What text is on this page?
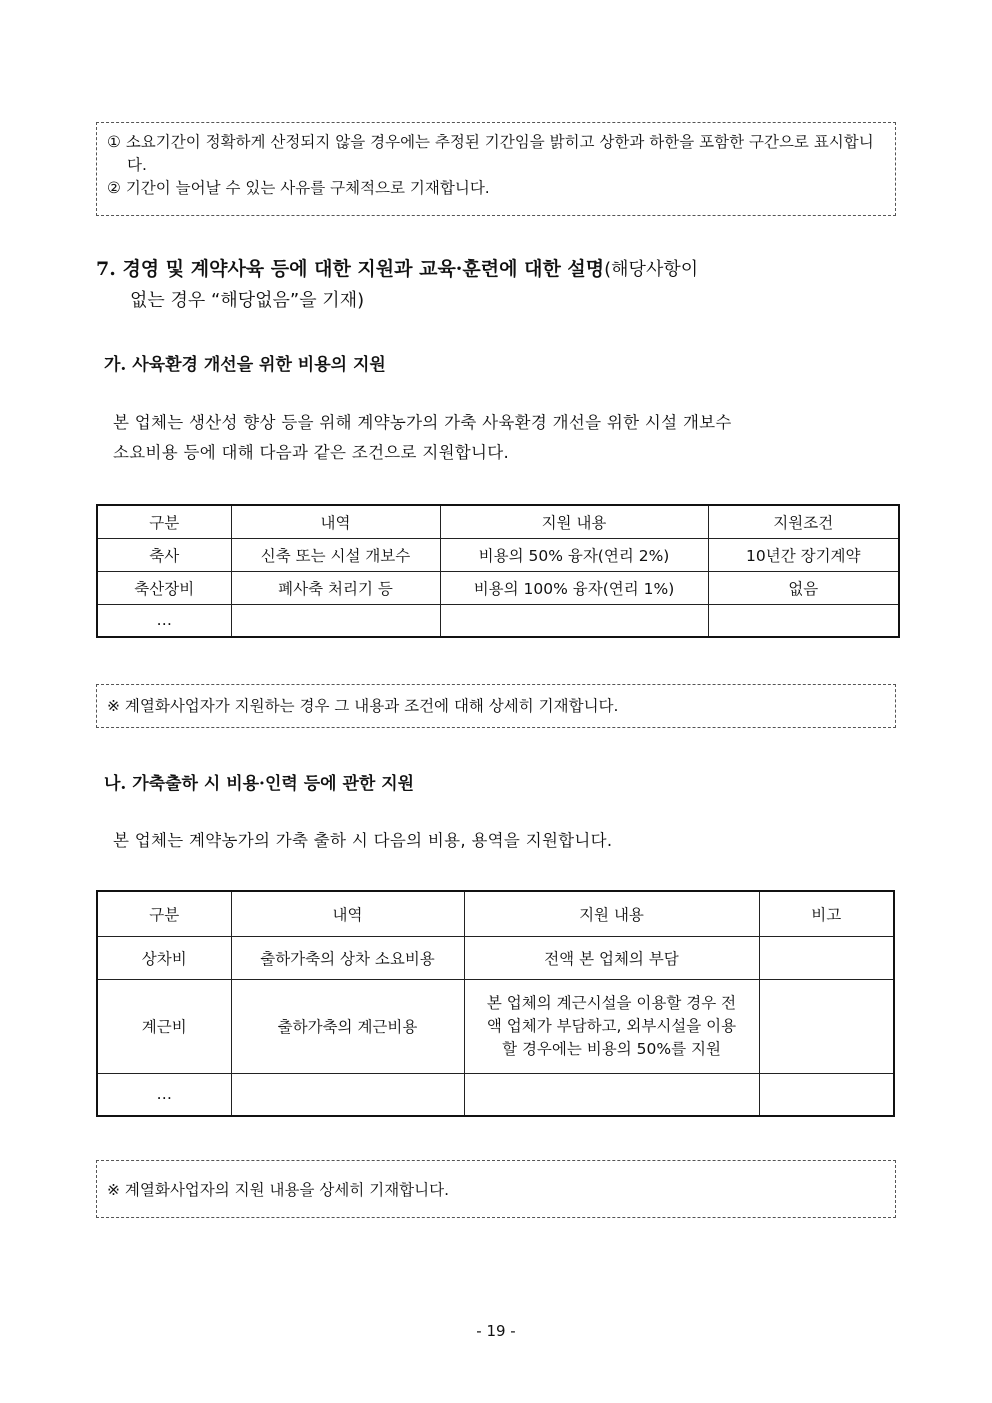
① 소요기간이 정확하게 산정되지 않을 경우에는 추정된 기간임을 밝히고 상한과 하한을 포함한 구간으로 표시합니다.

② 기간이 늘어날 수 있는 사유를 구체적으로 기재합니다.

7. 경영 및 계약사육 등에 대한 지원과 교육·훈련에 대한 설명(해당사항이
없는 경우 “해당없음”을 기재)
가. 사육환경 개선을 위한 비용의 지원
본 업체는 생산성 향상 등을 위해 계약농가의 가축 사육환경 개선을 위한 시설 개보수
소요비용 등에 대해 다음과 같은 조건으로 지원합니다.
구분	내역	지원 내용	지원조건
축사	신축 또는 시설 개보수	비용의 50% 융자(연리 2%)	10년간 장기계약
축산장비	폐사축 처리기 등	비용의 100% 융자(연리 1%)	없음
…			

※ 계열화사업자가 지원하는 경우 그 내용과 조건에 대해 상세히 기재합니다.

나. 가축출하 시 비용·인력 등에 관한 지원
본 업체는 계약농가의 가축 출하 시 다음의 비용, 용역을 지원합니다.
구분	내역	지원 내용	비고
상차비	출하가축의 상차 소요비용	전액 본 업체의 부담	
계근비	출하가축의 계근비용	본 업체의 계근시설을 이용할 경우 전액 업체가 부담하고, 외부시설을 이용할 경우에는 비용의 50%를 지원	
…			

※ 계열화사업자의 지원 내용을 상세히 기재합니다.

- 19 -
